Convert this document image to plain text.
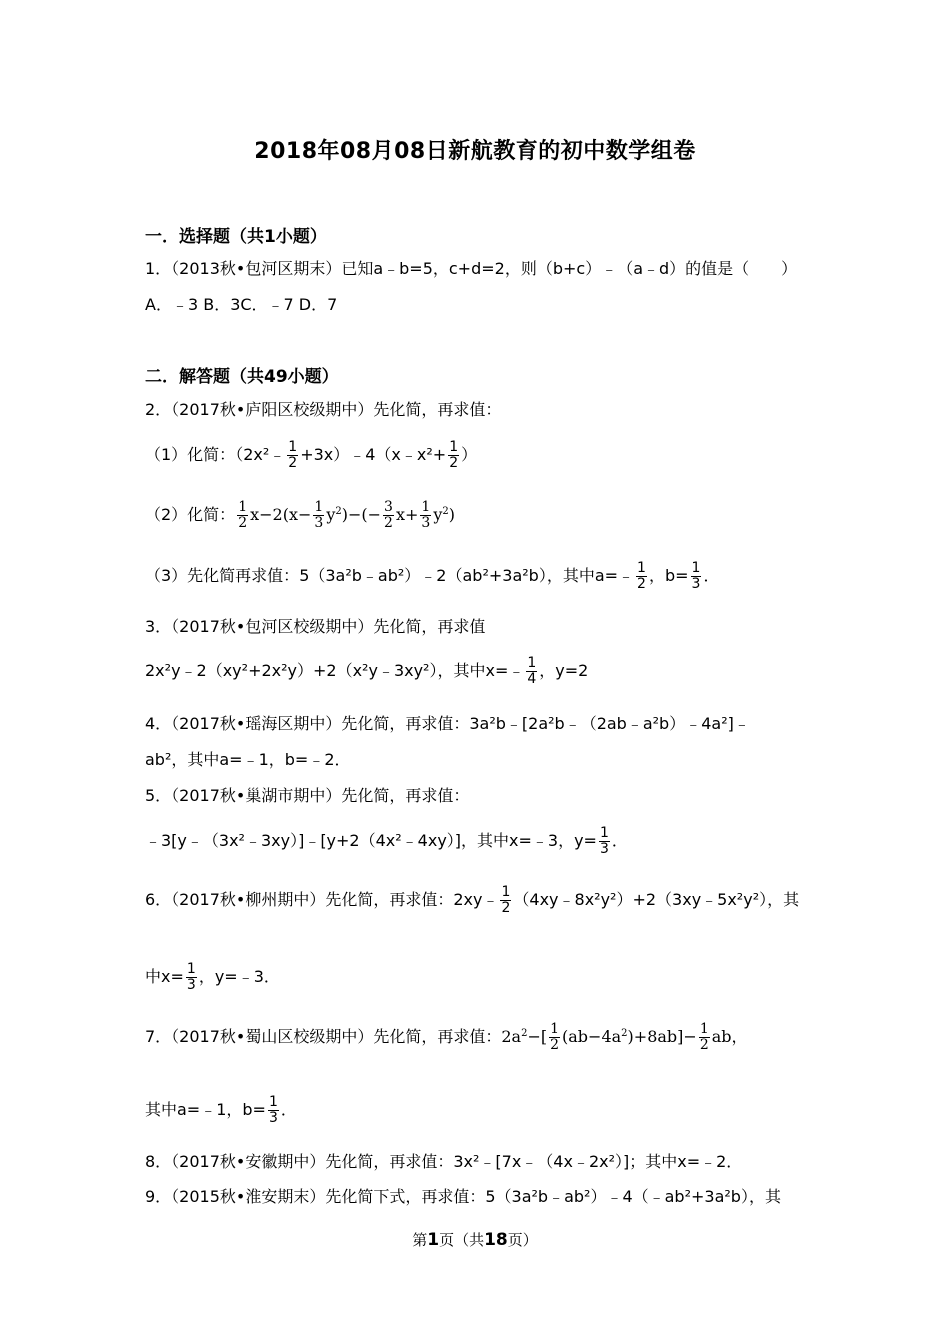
2018年08月08日新航教育的初中数学组卷
一．选择题（共1小题）
1．（2013秋•包河区期末）已知a﹣b=5，c+d=2，则（b+c）﹣（a﹣d）的值是（　　）
A．﹣3 B．3C．﹣7 D．7
二．解答题（共49小题）
2．（2017秋•庐阳区校级期中）先化简，再求值：
（1）化简：（2x²﹣ $\frac{1}{2}$ +3x）﹣4（x﹣x²+ $\frac{1}{2}$ ）
（2）化简： $\frac{1}{2} x-2(x- \frac{1}{3} y^2)-(- \frac{3}{2} x+ \frac{1}{3} y^2)$
（3）先化简再求值：5（3a²b﹣ab²）﹣2（ab²+3a²b），其中a=﹣ $\frac{1}{2}$ ，$b= \frac{1}{3}$ ．
3．（2017秋•包河区校级期中）先化简，再求值
2x²y﹣2（xy²+2x²y）+2（x²y﹣3xy²），其中x=﹣ $\frac{1}{4}$ ，y=2
4．（2017秋•瑶海区期中）先化简，再求值：3a²b﹣[2a²b﹣（2ab﹣a²b）﹣4a²]﹣
ab²，其中a=﹣1，b=﹣2．
5．（2017秋•巢湖市期中）先化简，再求值：
﹣3[y﹣（3x²﹣3xy）]﹣[y+2（4x²﹣4xy）]，其中x=﹣3，$y= \frac{1}{3}$ ．
6．（2017秋•柳州期中）先化简，再求值：2xy﹣ $\frac{1}{2}$ （4xy﹣8x²y²）+2（3xy﹣5x²y²），其
中$x= \frac{1}{3}$ ，y=﹣3．
7．（2017秋•蜀山区校级期中）先化简，再求值：$2a^2-[ \frac{1}{2} (ab-4a^2)+8ab]- \frac{1}{2}$ ab，
其中a=﹣1，$b= \frac{1}{3}$ ．
8．（2017秋•安徽期中）先化简，再求值：3x²﹣[7x﹣（4x﹣2x²）]；其中x=﹣2．
9．（2015秋•淮安期末）先化简下式，再求值：5（3a²b﹣ab²）﹣4（﹣ab²+3a²b），其
第1页（共18页）
